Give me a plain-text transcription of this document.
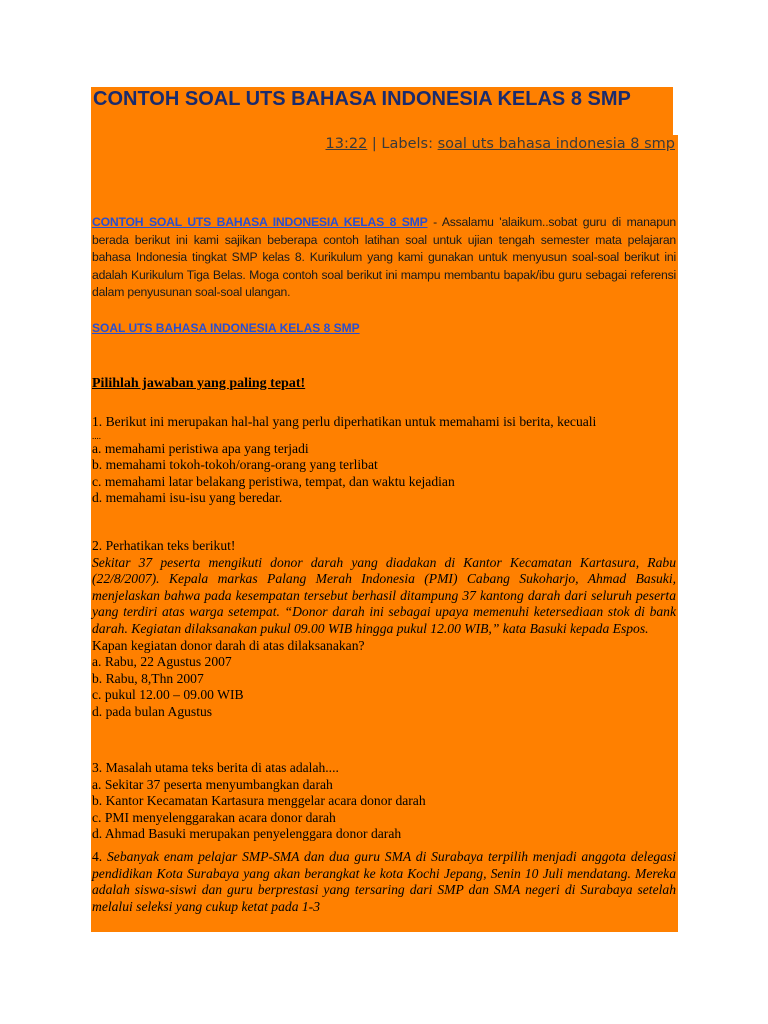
CONTOH SOAL UTS BAHASA INDONESIA KELAS 8 SMP
13:22 | Labels: soal uts bahasa indonesia 8 smp
CONTOH SOAL UTS BAHASA INDONESIA KELAS 8 SMP - Assalamu 'alaikum..sobat guru di manapun berada berikut ini kami sajikan beberapa contoh latihan soal untuk ujian tengah semester mata pelajaran bahasa Indonesia tingkat SMP kelas 8. Kurikulum yang kami gunakan untuk menyusun soal-soal berikut ini adalah Kurikulum Tiga Belas. Moga contoh soal berikut ini mampu membantu bapak/ibu guru sebagai referensi dalam penyusunan soal-soal ulangan.
SOAL UTS BAHASA INDONESIA KELAS 8 SMP
Pilihlah jawaban yang paling tepat!

1. Berikut ini merupakan hal-hal yang perlu diperhatikan untuk memahami isi berita, kecuali

....

a. memahami peristiwa apa yang terjadi

b. memahami tokoh-tokoh/orang-orang yang terlibat

c. memahami latar belakang peristiwa, tempat, dan waktu kejadian

d. memahami isu-isu yang beredar.

2. Perhatikan teks berikut!

Sekitar 37 peserta mengikuti donor darah yang diadakan di Kantor Kecamatan Kartasura, Rabu (22/8/2007). Kepala markas Palang Merah Indonesia (PMI) Cabang Sukoharjo, Ahmad Basuki, menjelaskan bahwa pada kesempatan tersebut berhasil ditampung 37 kantong darah dari seluruh peserta yang terdiri atas warga setempat. “Donor darah ini sebagai upaya memenuhi ketersediaan stok di bank darah. Kegiatan dilaksanakan pukul 09.00 WIB hingga pukul 12.00 WIB,” kata Basuki kepada Espos.

Kapan kegiatan donor darah di atas dilaksanakan?

a. Rabu, 22 Agustus 2007

b. Rabu, 8,Thn 2007

c. pukul 12.00 – 09.00 WIB

d. pada bulan Agustus

3. Masalah utama teks berita di atas adalah....

a. Sekitar 37 peserta menyumbangkan darah

b. Kantor Kecamatan Kartasura menggelar acara donor darah

c. PMI menyelenggarakan acara donor darah

d. Ahmad Basuki merupakan penyelenggara donor darah

4. Sebanyak enam pelajar SMP-SMA dan dua guru SMA di Surabaya terpilih menjadi anggota delegasi pendidikan Kota Surabaya yang akan berangkat ke kota Kochi Jepang, Senin 10 Juli mendatang. Mereka adalah siswa-siswi dan guru berprestasi yang tersaring dari SMP dan SMA negeri di Surabaya setelah melalui seleksi yang cukup ketat pada 1-3
